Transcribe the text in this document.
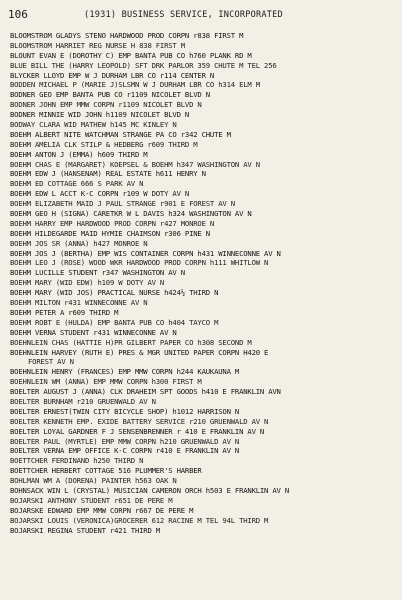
106	(1931) BUSINESS SERVICE, INCORPORATED
BLOOMSTROM GLADYS STENO HARDWOOD PROD CORPN r838 FIRST M
BLOOMSTROM HARRIET REG NURSE H 838 FIRST M
BLOUNT EVAN E (DOROTHY C) EMP BANTA PUB CO h760 PLANK RD M
BLUE BILL THE (HARRY LEOPOLD) SFT DRK PARLOR 359 CHUTE M TEL 256
BLYCKER LLOYD EMP W J DURHAM LBR CO r114 CENTER N
BODDEN MICHAEL P (MARIE J)SLSMN W J DURHAM LBR CO h314 ELM M
BODNER GEO EMP BANTA PUB CO r1109 NICOLET BLVD N
BODNER JOHN EMP MMW CORPN r1109 NICOLET BLVD N
BODNER MINNIE WID JOHN h1109 NICOLET BLVD N
BODWAY CLARA WID MATHEW h145 MC KINLEY N
BOEHM ALBERT NITE WATCHMAN STRANGE PA CO r342 CHUTE M
BOEHM AMELIA CLK STILP & HEDBERG r609 THIRD M
BOEHM ANTON J (EMMA) h609 THIRD M
BOEHM CHAS E (MARGARET) KOEPSEL & BOEHM h347 WASHINGTON AV N
BOEHM EDW J (HANSENAM) REAL ESTATE h611 HENRY N
BOEHM ED COTTAGE 666 S PARK AV N
BOEHM EDW L ACCT K-C CORPN r109 W DOTY AV N
BOEHM ELIZABETH MAID J PAUL STRANGE r901 E FOREST AV N
BOEHM GEO H (SIGNA) CARETKR W L DAVIS h324 WASHINGTON AV N
BOEHM HARRY EMP HARDWOOD PROD CORPN r427 MONROE N
BOEHM HILDEGARDE MAID HYMIE CHAIMSON r306 PINE N
BOEHM JOS SR (ANNA) h427 MONROE N
BOEHM JOS J (BERTHA) EMP WIS CONTAINER CORPN h431 WINNECONNE AV N
BOEHM LEO J (ROSE) WOOD WKR HARDWOOD PROD CORPN h111 WHITLOW N
BOEHM LUCILLE STUDENT r347 WASHINGTON AV N
BOEHM MARY (WID EDW) h109 W DOTY AV N
BOEHM MARY (WID JOS) PRACTICAL NURSE h424½ THIRD N
BOEHM MILTON r431 WINNECONNE AV N
BOEHM PETER A r609 THIRD M
BOEHM ROBT E (HULDA) EMP BANTA PUB CO h404 TAYCO M
BOEHM VERNA STUDENT r431 WINNECONNE AV N
BOEHNLEIN CHAS (HATTIE H)PR GILBERT PAPER CO h308 SECOND M
BOEHNLEIN HARVEY (RUTH E) PRES & MGR UNITED PAPER CORPN H420 E
FOREST AV N
BOEHNLEIN HENRY (FRANCES) EMP MMW CORPN h244 KAUKAUNA M
BOEHNLEIN WM (ANNA) EMP MMW CORPN h300 FIRST M
BOELTER AUGUST J (ANNA) CLK DRAHEIM SPT GOODS h410 E FRANKLIN AVN
BOELTER BURNHAM r210 GRUENWALD AV N
BOELTER ERNEST(TWIN CITY BICYCLE SHOP) h1012 HARRISON N
BOELTER KENNETH EMP. EXIDE BATTERY SERVICE r210 GRUENWALD AV N
BOELTER LOYAL GARDNER F J SENSENBRENNER r 410 E FRANKLIN AV N
BOELTER PAUL (MYRTLE) EMP MMW CORPN h210 GRUENWALD AV N
BOELTER VERNA EMP OFFICE K-C CORPN r410 E FRANKLIN AV N
BOETTCHER FERDINAND h250 THIRD N
BOETTCHER HERBERT COTTAGE 516 PLUMMER'S HARBER
BOHLMAN WM A (DORENA) PAINTER h563 OAK N
BOHNSACK WIN L (CRYSTAL) MUSICIAN CAMERON ORCH h503 E FRANKLIN AV N
BOJARSKI ANTHONY STUDENT r651 DE PERE M
BOJARSKE EDWARD EMP MMW CORPN r667 DE PERE M
BOJARSKI LOUIS (VERONICA)GROCERER 612 RACINE M TEL 94L THIRD M
BOJARSKI REGINA STUDENT r421 THIRD M
